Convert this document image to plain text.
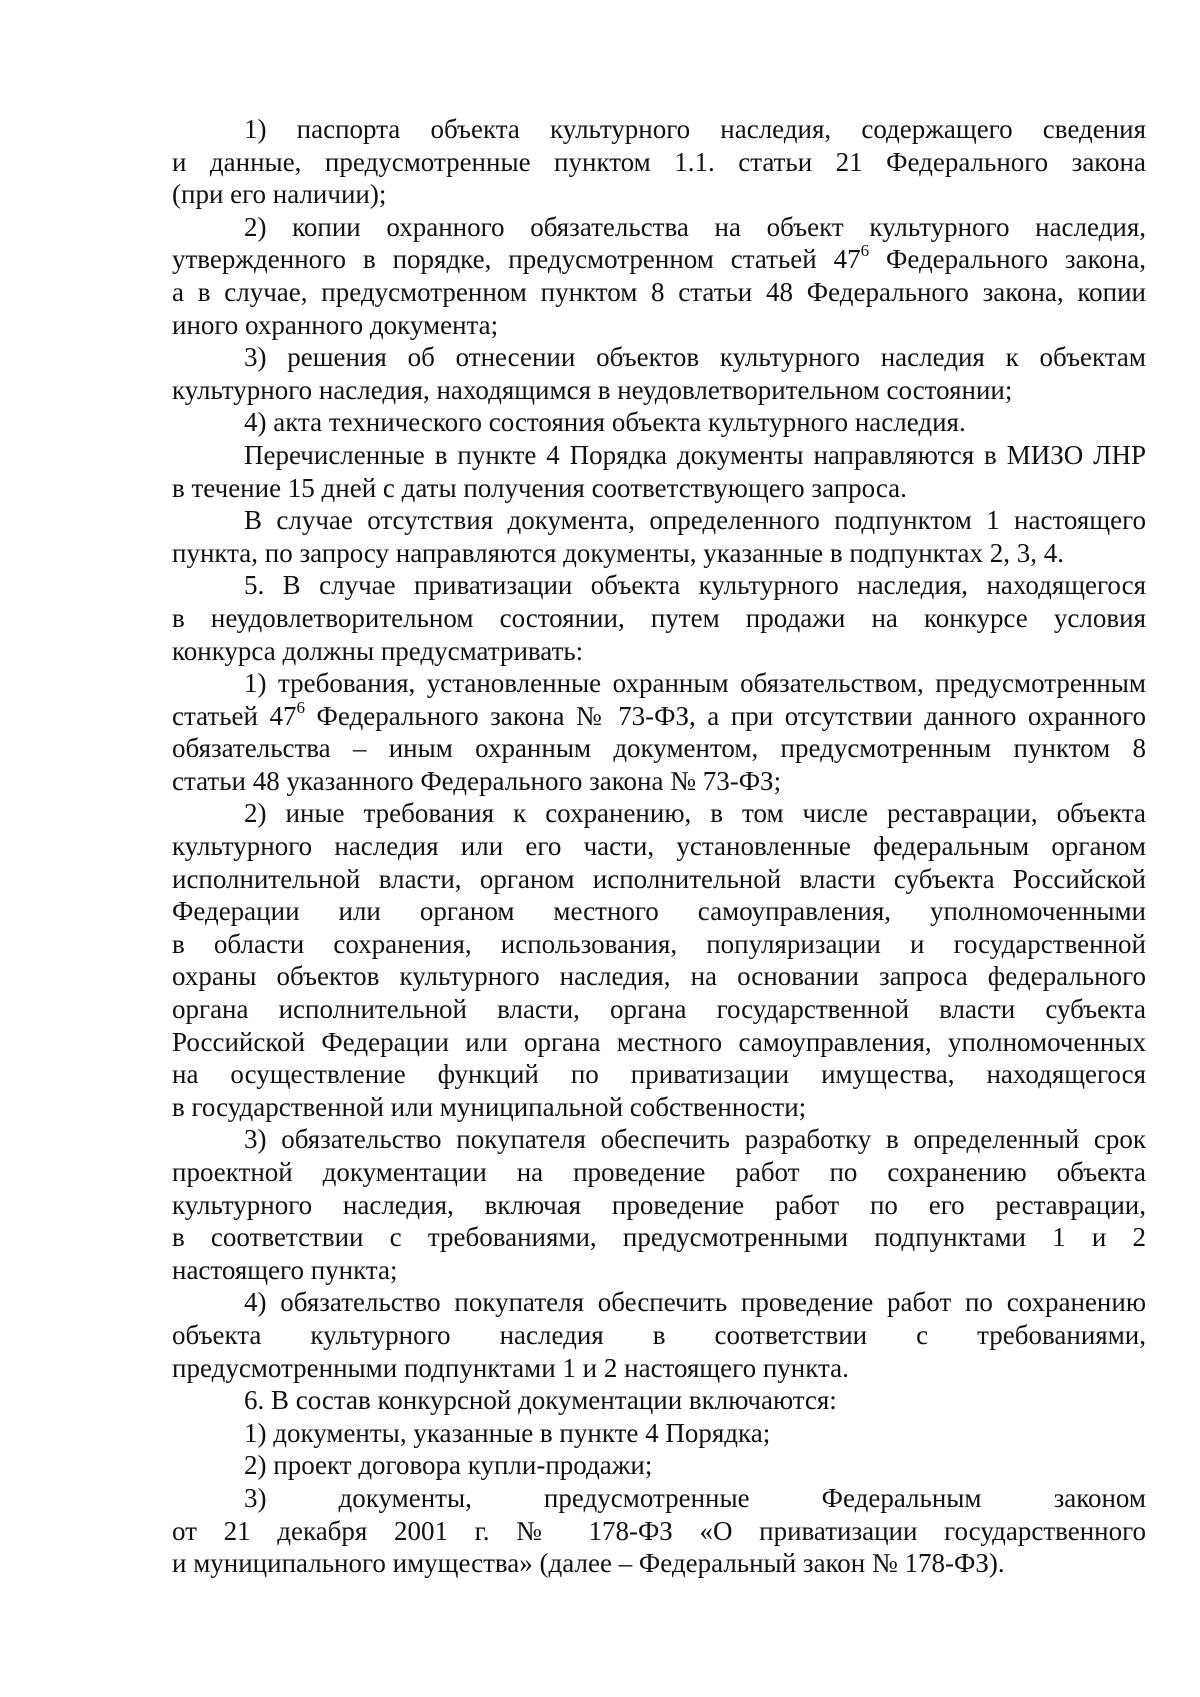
1) паспорта объекта культурного наследия, содержащего сведения
и данные, предусмотренные пунктом 1.1. статьи 21 Федерального закона
(при его наличии);
2) копии охранного обязательства на объект культурного наследия,
утвержденного в порядке, предусмотренном статьей $47^6$ Федерального закона,
а в случае, предусмотренном пунктом 8 статьи 48 Федерального закона, копии
иного охранного документа;
3) решения об отнесении объектов культурного наследия к объектам
культурного наследия, находящимся в неудовлетворительном состоянии;
4) акта технического состояния объекта культурного наследия.
Перечисленные в пункте 4 Порядка документы направляются в МИЗО ЛНР
в течение 15 дней с даты получения соответствующего запроса.
В случае отсутствия документа, определенного подпунктом 1 настоящего
пункта, по запросу направляются документы, указанные в подпунктах 2, 3, 4.
5. В случае приватизации объекта культурного наследия, находящегося
в неудовлетворительном состоянии, путем продажи на конкурсе условия
конкурса должны предусматривать:
1) требования, установленные охранным обязательством, предусмотренным
статьей $47^6$ Федерального закона № 73-ФЗ, а при отсутствии данного охранного
обязательства – иным охранным документом, предусмотренным пунктом 8
статьи 48 указанного Федерального закона № 73-ФЗ;
2) иные требования к сохранению, в том числе реставрации, объекта
культурного наследия или его части, установленные федеральным органом
исполнительной власти, органом исполнительной власти субъекта Российской
Федерации или органом местного самоуправления, уполномоченными
в области сохранения, использования, популяризации и государственной
охраны объектов культурного наследия, на основании запроса федерального
органа исполнительной власти, органа государственной власти субъекта
Российской Федерации или органа местного самоуправления, уполномоченных
на осуществление функций по приватизации имущества, находящегося
в государственной или муниципальной собственности;
3) обязательство покупателя обеспечить разработку в определенный срок
проектной документации на проведение работ по сохранению объекта
культурного наследия, включая проведение работ по его реставрации,
в соответствии с требованиями, предусмотренными подпунктами 1 и 2
настоящего пункта;
4) обязательство покупателя обеспечить проведение работ по сохранению
объекта культурного наследия в соответствии с требованиями,
предусмотренными подпунктами 1 и 2 настоящего пункта.
6. В состав конкурсной документации включаются:
1) документы, указанные в пункте 4 Порядка;
2) проект договора купли-продажи;
3) документы, предусмотренные Федеральным законом
от 21 декабря 2001 г. № 178-ФЗ «О приватизации государственного
и муниципального имущества» (далее – Федеральный закон № 178-ФЗ).
